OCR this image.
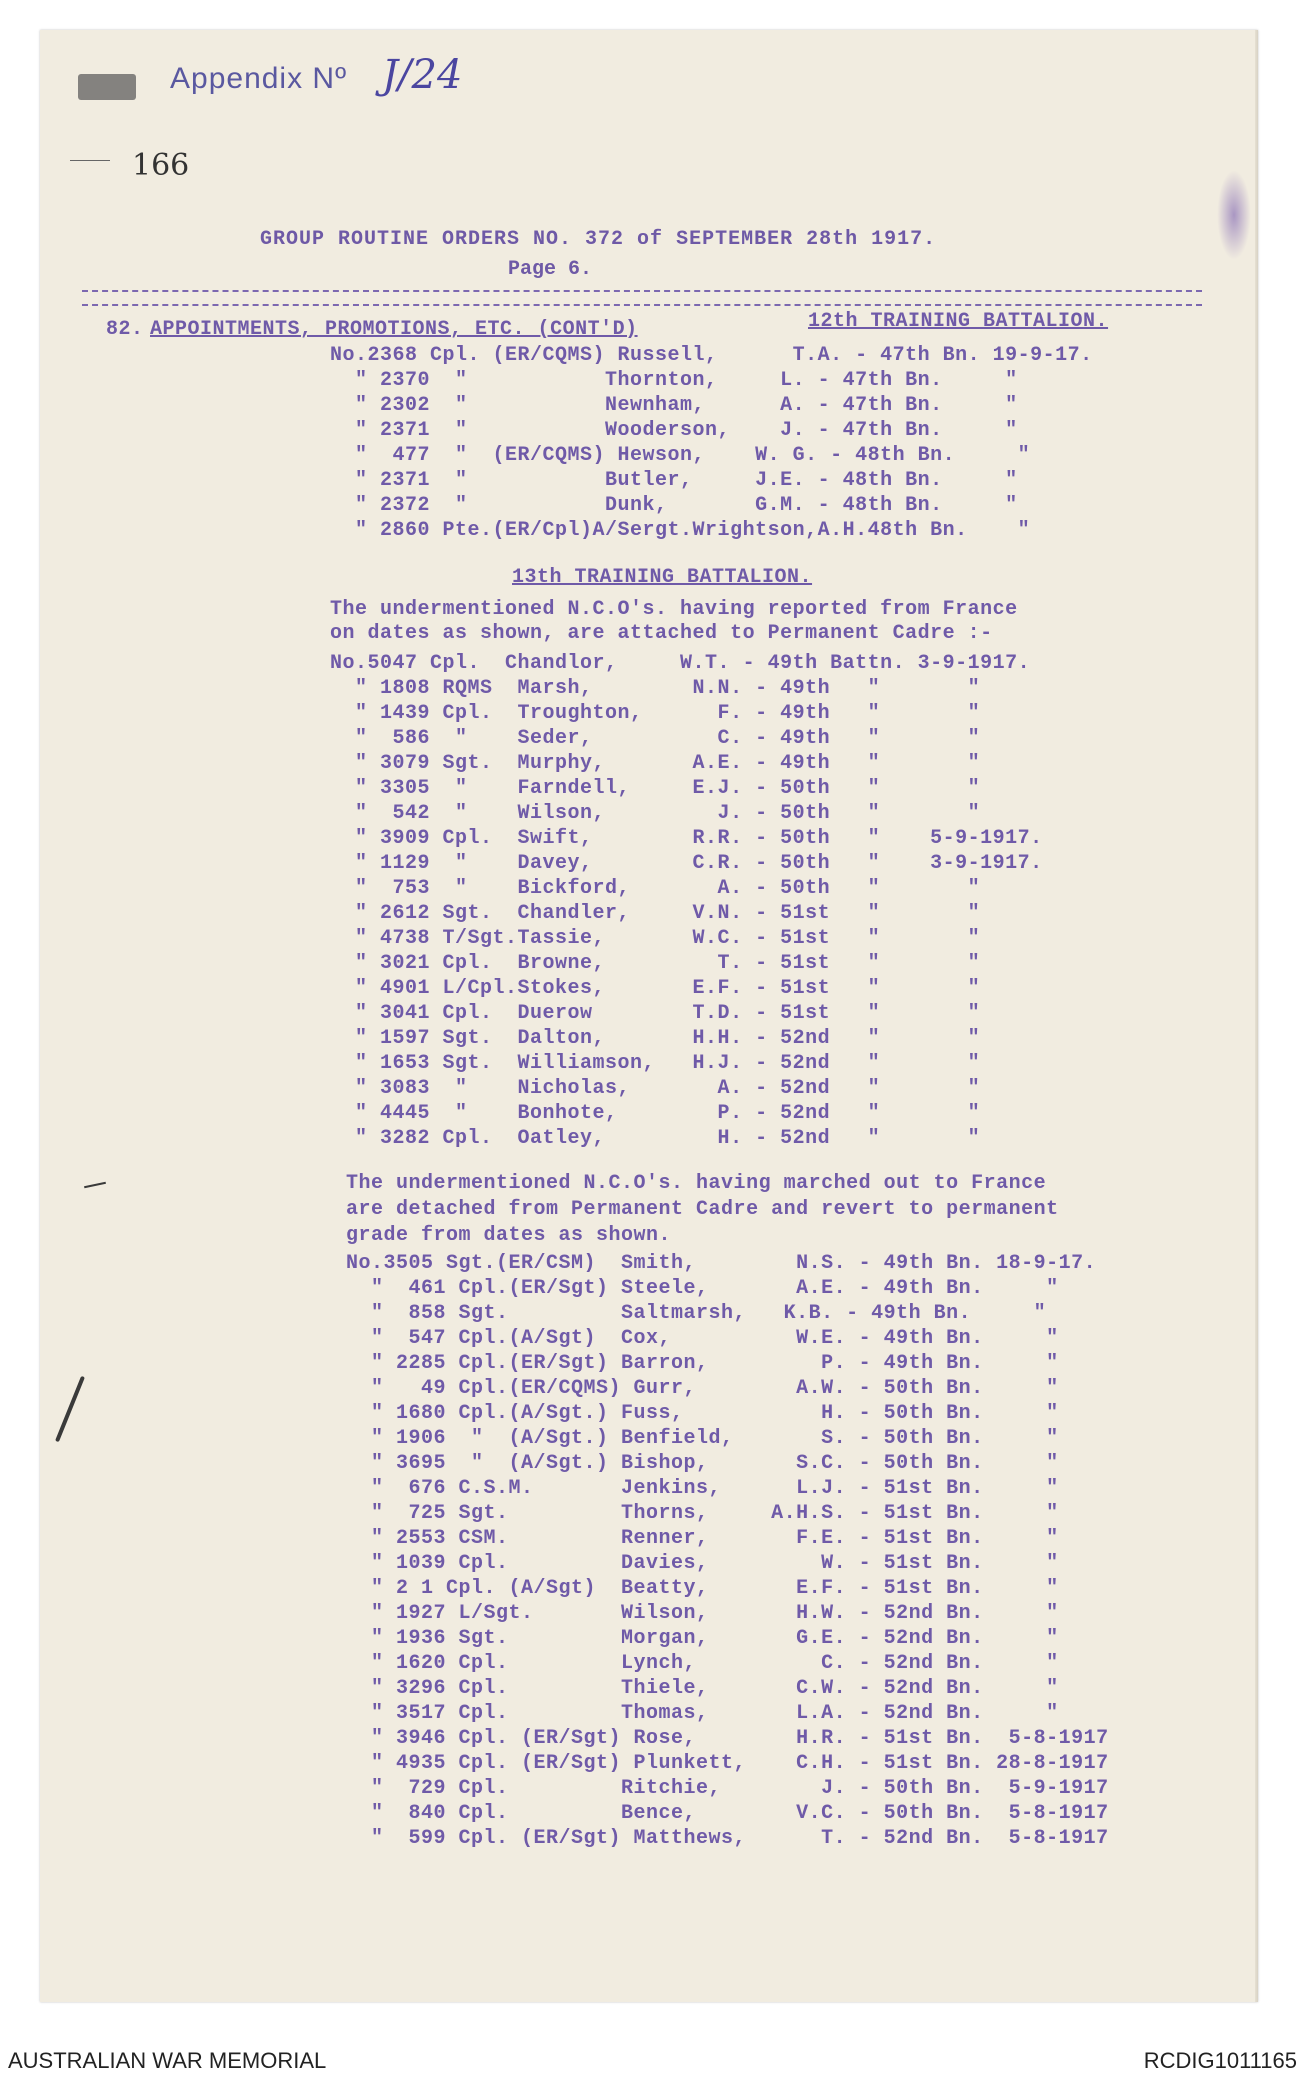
Appendix Nº J/24
166
GROUP ROUTINE ORDERS NO. 372 of SEPTEMBER 28th 1917.
Page 6.
82. APPOINTMENTS, PROMOTIONS, ETC. (CONT'D)	12th TRAINING BATTALION.
No.2368 Cpl. (ER/CQMS) Russell,      T.A. - 47th Bn. 19-9-17.
" 2370  "           Thornton,     L. - 47th Bn.     "
" 2302  "           Newnham,      A. - 47th Bn.     "
" 2371  "           Wooderson,    J. - 47th Bn.     "
"  477  "  (ER/CQMS) Hewson,    W. G. - 48th Bn.     "
" 2371  "           Butler,     J.E. - 48th Bn.     "
" 2372  "           Dunk,       G.M. - 48th Bn.     "
" 2860 Pte.(ER/Cpl)A/Sergt.Wrightson,A.H.48th Bn.    "
13th TRAINING BATTALION.
The undermentioned N.C.O's. having reported from France
on dates as shown, are attached to Permanent Cadre :-
No.5047 Cpl.  Chandlor,     W.T. - 49th Battn. 3-9-1917.
" 1808 RQMS  Marsh,        N.N. - 49th   "       "
" 1439 Cpl.  Troughton,      F. - 49th   "       "
"  586  "    Seder,          C. - 49th   "       "
" 3079 Sgt.  Murphy,       A.E. - 49th   "       "
" 3305  "    Farndell,     E.J. - 50th   "       "
"  542  "    Wilson,         J. - 50th   "       "
" 3909 Cpl.  Swift,        R.R. - 50th   "    5-9-1917.
" 1129  "    Davey,        C.R. - 50th   "    3-9-1917.
"  753  "    Bickford,       A. - 50th   "       "
" 2612 Sgt.  Chandler,     V.N. - 51st   "       "
" 4738 T/Sgt.Tassie,       W.C. - 51st   "       "
" 3021 Cpl.  Browne,         T. - 51st   "       "
" 4901 L/Cpl.Stokes,       E.F. - 51st   "       "
" 3041 Cpl.  Duerow        T.D. - 51st   "       "
" 1597 Sgt.  Dalton,       H.H. - 52nd   "       "
" 1653 Sgt.  Williamson,   H.J. - 52nd   "       "
" 3083  "    Nicholas,       A. - 52nd   "       "
" 4445  "    Bonhote,        P. - 52nd   "       "
" 3282 Cpl.  Oatley,         H. - 52nd   "       "
The undermentioned N.C.O's. having marched out to France
are detached from Permanent Cadre and revert to permanent
grade from dates as shown.
No.3505 Sgt.(ER/CSM)  Smith,        N.S. - 49th Bn. 18-9-17.
"  461 Cpl.(ER/Sgt) Steele,       A.E. - 49th Bn.     "
"  858 Sgt.         Saltmarsh,   K.B. - 49th Bn.     "
"  547 Cpl.(A/Sgt)  Cox,          W.E. - 49th Bn.     "
" 2285 Cpl.(ER/Sgt) Barron,         P. - 49th Bn.     "
"   49 Cpl.(ER/CQMS) Gurr,        A.W. - 50th Bn.     "
" 1680 Cpl.(A/Sgt.) Fuss,           H. - 50th Bn.     "
" 1906  "  (A/Sgt.) Benfield,       S. - 50th Bn.     "
" 3695  "  (A/Sgt.) Bishop,       S.C. - 50th Bn.     "
"  676 C.S.M.       Jenkins,      L.J. - 51st Bn.     "
"  725 Sgt.         Thorns,     A.H.S. - 51st Bn.     "
" 2553 CSM.         Renner,       F.E. - 51st Bn.     "
" 1039 Cpl.         Davies,         W. - 51st Bn.     "
" 2 1 Cpl. (A/Sgt)  Beatty,       E.F. - 51st Bn.     "
" 1927 L/Sgt.       Wilson,       H.W. - 52nd Bn.     "
" 1936 Sgt.         Morgan,       G.E. - 52nd Bn.     "
" 1620 Cpl.         Lynch,          C. - 52nd Bn.     "
" 3296 Cpl.         Thiele,       C.W. - 52nd Bn.     "
" 3517 Cpl.         Thomas,       L.A. - 52nd Bn.     "
" 3946 Cpl. (ER/Sgt) Rose,        H.R. - 51st Bn.  5-8-1917
" 4935 Cpl. (ER/Sgt) Plunkett,    C.H. - 51st Bn. 28-8-1917
"  729 Cpl.         Ritchie,        J. - 50th Bn.  5-9-1917
"  840 Cpl.         Bence,        V.C. - 50th Bn.  5-8-1917
"  599 Cpl. (ER/Sgt) Matthews,      T. - 52nd Bn.  5-8-1917
AUSTRALIAN WAR MEMORIAL	RCDIG1011165
